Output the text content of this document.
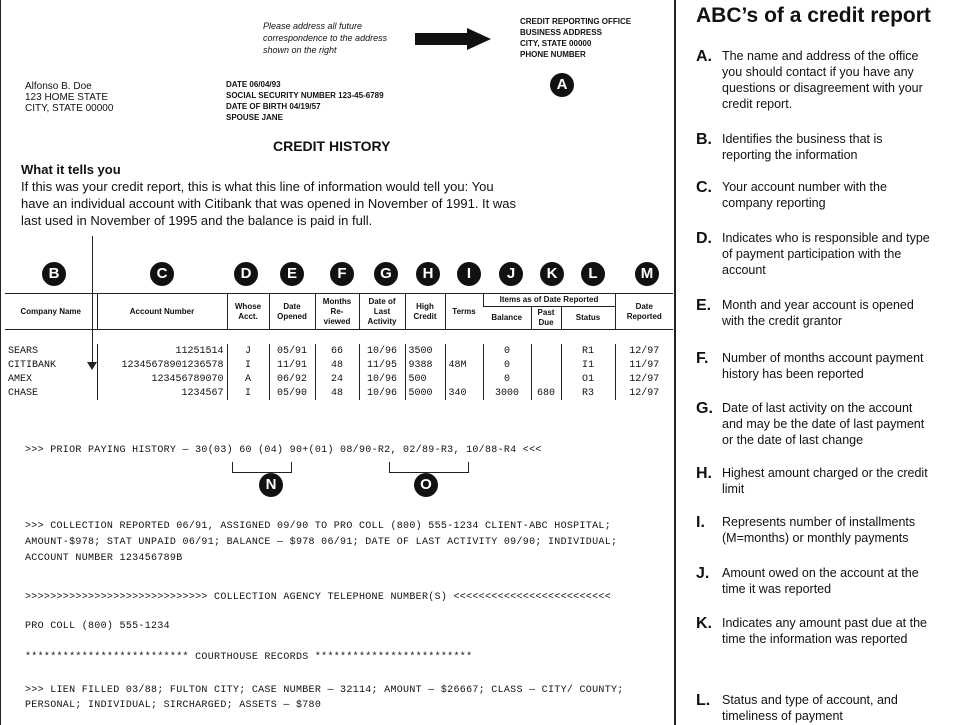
Please address all future correspondence to the address shown on the right
CREDIT REPORTING OFFICE
BUSINESS ADDRESS
CITY, STATE 00000
PHONE NUMBER
A
Alfonso B. Doe
123 HOME STATE
CITY, STATE 00000
DATE 06/04/93
SOCIAL SECURITY NUMBER 123-45-6789
DATE OF BIRTH 04/19/57
SPOUSE JANE
CREDIT HISTORY
What it tells you
If this was your credit report, this is what this line of information would tell you: You have an individual account with Citibank that was opened in November of 1991. It was last used in November of 1995 and the balance is paid in full.
B	C	D	E	F	G	H	I	J	K	L	M
Company Name	Account Number	Whose Acct.	Date Opened	Months Re- viewed	Date of Last Activity	High Credit	Terms	Items as of Date Reported			Date Reported
								Balance	Past Due	Status	

SEARS	11251514	J	05/91	66	10/96	3500		0		R1	12/97
CITIBANK	12345678901236578	I	11/91	48	11/95	9388	48M	0		I1	11/97
AMEX	123456789070	A	06/92	24	10/96	500		0		O1	12/97
CHASE	1234567	I	05/90	48	10/96	5000	340	3000	680	R3	12/97
>>> PRIOR PAYING HISTORY — 30(03) 60 (04) 90+(01) 08/90-R2, 02/89-R3, 10/88-R4 <<<
N	O
>>> COLLECTION REPORTED 06/91, ASSIGNED 09/90 TO PRO COLL (800) 555-1234 CLIENT-ABC HOSPITAL; AMOUNT-$978; STAT UNPAID 06/91; BALANCE — $978 06/91; DATE OF LAST ACTIVITY 09/90; INDIVIDUAL; ACCOUNT NUMBER 123456789B
>>>>>>>>>>>>>>>>>>>>>>>>>>>>> COLLECTION AGENCY TELEPHONE NUMBER(S) <<<<<<<<<<<<<<<<<<<<<<<<<
PRO COLL (800) 555-1234
************************** COURTHOUSE RECORDS *************************
>>> LIEN FILLED 03/88; FULTON CITY; CASE NUMBER — 32114; AMOUNT — $26667; CLASS — CITY/ COUNTY; PERSONAL; INDIVIDUAL; SIRCHARGED; ASSETS — $780
ABC’s of a credit report
A. The name and address of the office you should contact if you have any questions or disagreement with your credit report.
B. Identifies the business that is reporting the information
C. Your account number with the company reporting
D. Indicates who is responsible and type of payment participation with the account
E. Month and year account is opened with the credit grantor
F.	Number of months account payment history has been reported
G. Date of last activity on the account and may be the date of last payment or the date of last change
H. Highest amount charged or the credit limit
I.	Represents number of installments (M=months) or monthly payments
J.	Amount owed on the account at the time it was reported
K. Indicates any amount past due at the time the information was reported
L. Status and type of account, and timeliness of payment
